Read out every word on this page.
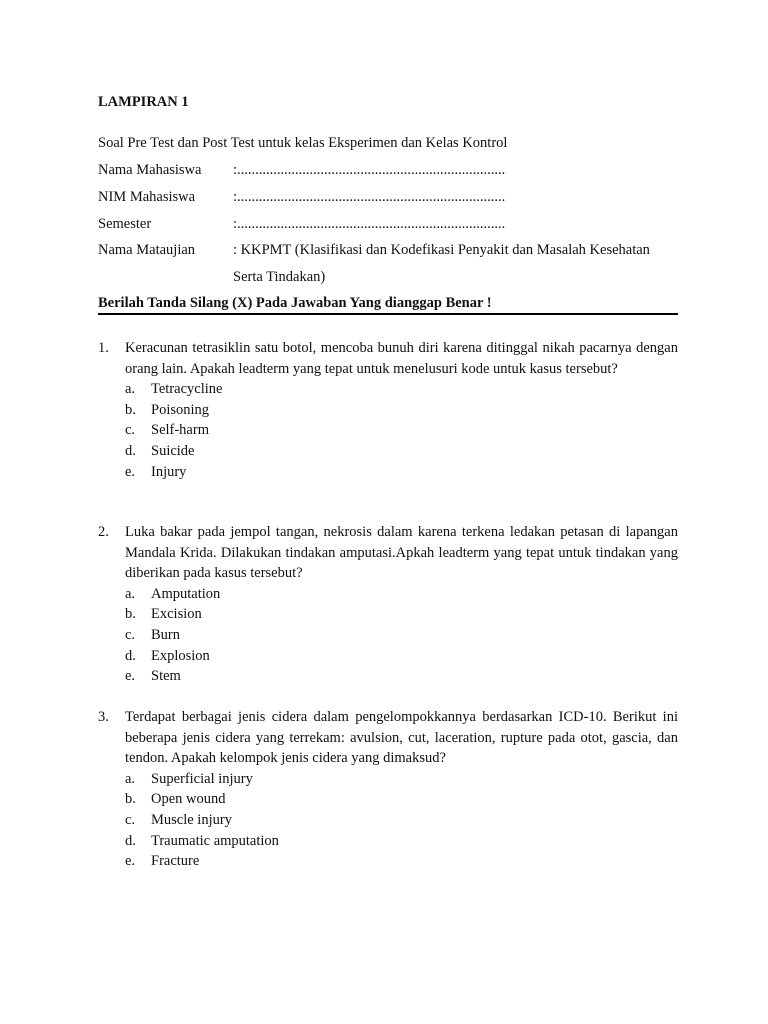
LAMPIRAN 1
Soal Pre Test dan Post Test untuk kelas Eksperimen dan Kelas Kontrol
Nama Mahasiswa :..........................................................................
NIM Mahasiswa	:..........................................................................
Semester	:..........................................................................
Nama Mataujian	: KKPMT (Klasifikasi dan Kodefikasi Penyakit dan Masalah Kesehatan
Serta Tindakan)
Berilah Tanda Silang (X) Pada Jawaban Yang dianggap Benar !
1. Keracunan tetrasiklin satu botol, mencoba bunuh diri karena ditinggal nikah pacarnya dengan orang lain. Apakah leadterm yang tepat untuk menelusuri kode untuk kasus tersebut?
a. Tetracycline
b. Poisoning
c. Self-harm
d. Suicide
e. Injury
2. Luka bakar pada jempol tangan, nekrosis dalam karena terkena ledakan petasan di lapangan Mandala Krida. Dilakukan tindakan amputasi.Apkah leadterm yang tepat untuk tindakan yang diberikan pada kasus tersebut?
a. Amputation
b. Excision
c. Burn
d. Explosion
e. Stem
3. Terdapat berbagai jenis cidera dalam pengelompokkannya berdasarkan ICD-10. Berikut ini beberapa jenis cidera yang terrekam: avulsion, cut, laceration, rupture pada otot, gascia, dan tendon. Apakah kelompok jenis cidera yang dimaksud?
a. Superficial injury
b. Open wound
c. Muscle injury
d. Traumatic amputation
e. Fracture
